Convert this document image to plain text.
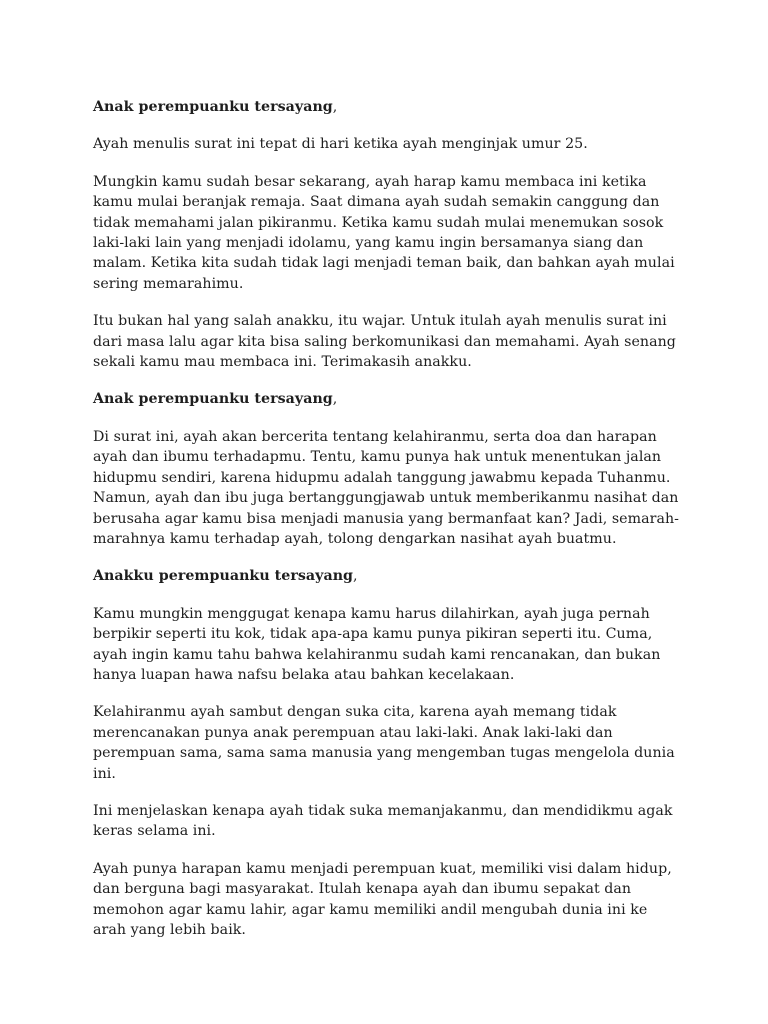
Anak perempuanku tersayang,

Ayah menulis surat ini tepat di hari ketika ayah menginjak umur 25.

Mungkin kamu sudah besar sekarang, ayah harap kamu membaca ini ketika kamu mulai beranjak remaja. Saat dimana ayah sudah semakin canggung dan tidak memahami jalan pikiranmu. Ketika kamu sudah mulai menemukan sosok laki-laki lain yang menjadi idolamu, yang kamu ingin bersamanya siang dan malam. Ketika kita sudah tidak lagi menjadi teman baik, dan bahkan ayah mulai sering memarahimu.

Itu bukan hal yang salah anakku, itu wajar. Untuk itulah ayah menulis surat ini dari masa lalu agar kita bisa saling berkomunikasi dan memahami. Ayah senang sekali kamu mau membaca ini. Terimakasih anakku.

Anak perempuanku tersayang,

Di surat ini, ayah akan bercerita tentang kelahiranmu, serta doa dan harapan ayah dan ibumu terhadapmu. Tentu, kamu punya hak untuk menentukan jalan hidupmu sendiri, karena hidupmu adalah tanggung jawabmu kepada Tuhanmu. Namun, ayah dan ibu juga bertanggungjawab untuk memberikanmu nasihat dan berusaha agar kamu bisa menjadi manusia yang bermanfaat kan? Jadi, semarah-marahnya kamu terhadap ayah, tolong dengarkan nasihat ayah buatmu.

Anakku perempuanku tersayang,

Kamu mungkin menggugat kenapa kamu harus dilahirkan, ayah juga pernah berpikir seperti itu kok, tidak apa-apa kamu punya pikiran seperti itu. Cuma, ayah ingin kamu tahu bahwa kelahiranmu sudah kami rencanakan, dan bukan hanya luapan hawa nafsu belaka atau bahkan kecelakaan.

Kelahiranmu ayah sambut dengan suka cita, karena ayah memang tidak merencanakan punya anak perempuan atau laki-laki. Anak laki-laki dan perempuan sama, sama sama manusia yang mengemban tugas mengelola dunia ini.

Ini menjelaskan kenapa ayah tidak suka memanjakanmu, dan mendidikmu agak keras selama ini.

Ayah punya harapan kamu menjadi perempuan kuat, memiliki visi dalam hidup, dan berguna bagi masyarakat. Itulah kenapa ayah dan ibumu sepakat dan memohon agar kamu lahir, agar kamu memiliki andil mengubah dunia ini ke arah yang lebih baik.
